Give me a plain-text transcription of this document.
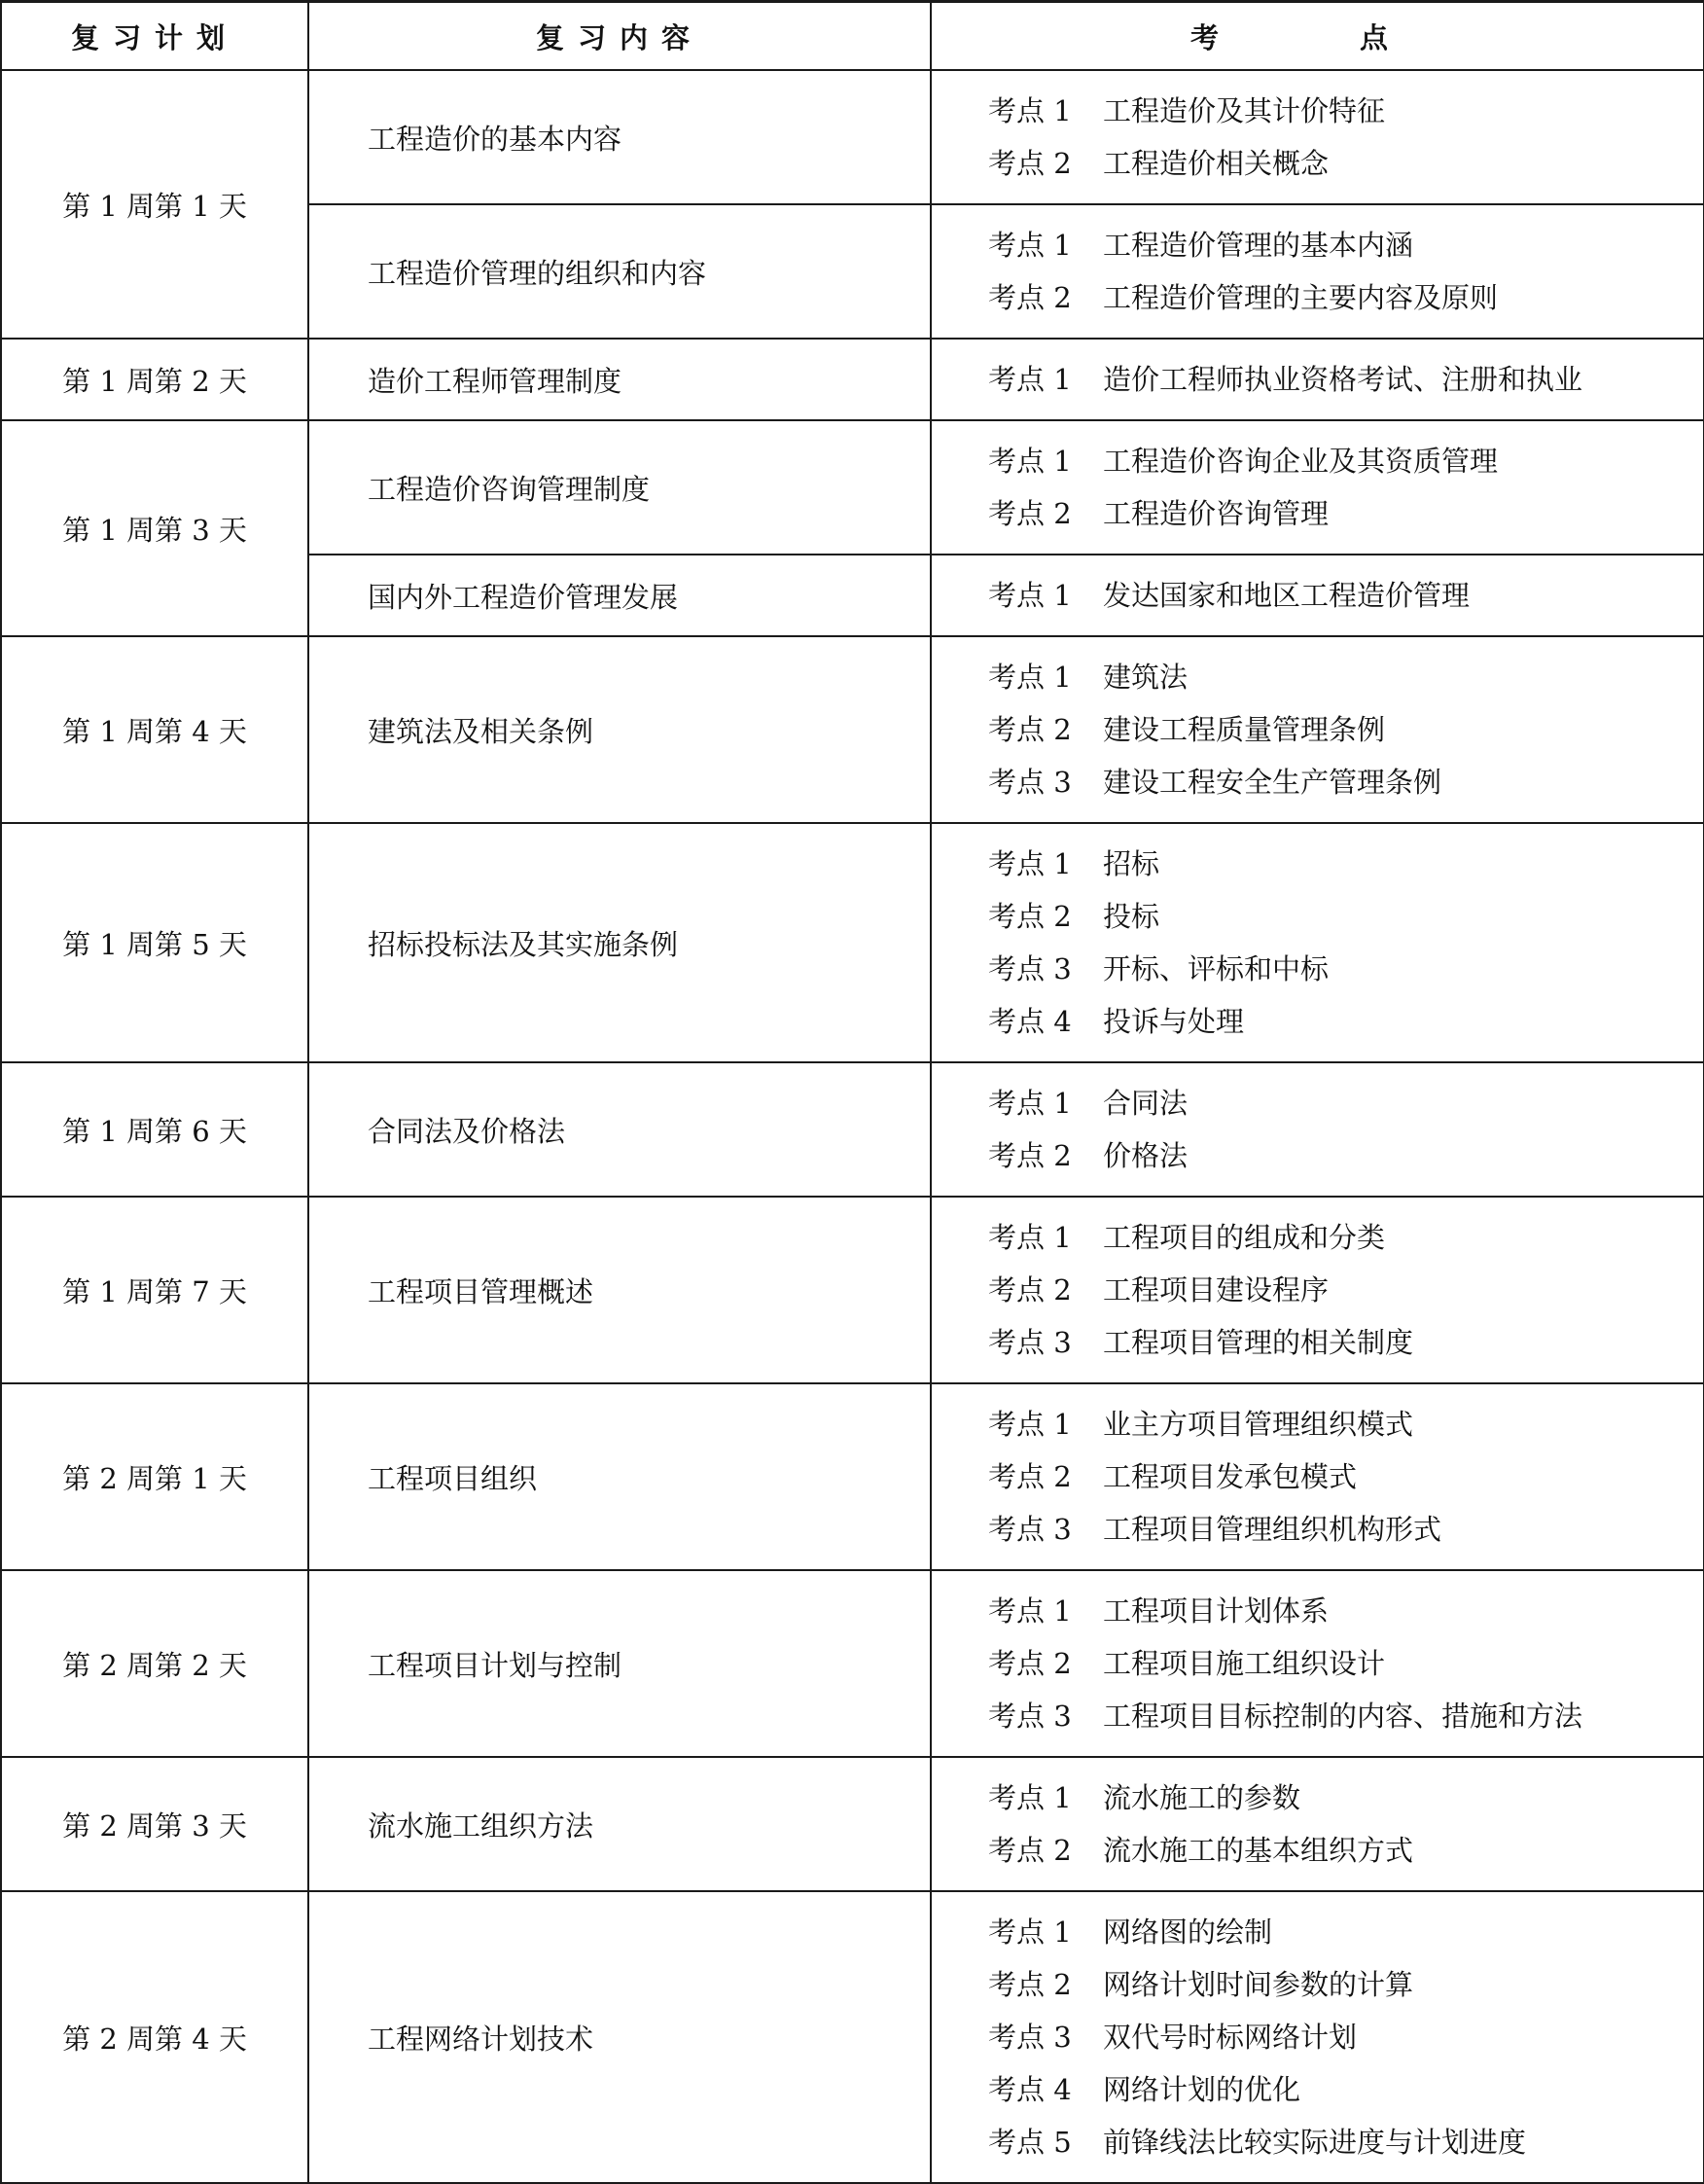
复习计划	复习内容	考　点
第 1 周第 1 天	工程造价的基本内容	考点 1 工程造价及其计价特征
考点 2 工程造价相关概念

	工程造价管理的组织和内容	考点 1 工程造价管理的基本内涵
考点 2 工程造价管理的主要内容及原则

第 1 周第 2 天	造价工程师管理制度	考点 1 造价工程师执业资格考试、注册和执业

第 1 周第 3 天	工程造价咨询管理制度	考点 1 工程造价咨询企业及其资质管理
考点 2 工程造价咨询管理

	国内外工程造价管理发展	考点 1 发达国家和地区工程造价管理

第 1 周第 4 天	建筑法及相关条例	考点 1 建筑法
考点 2 建设工程质量管理条例
考点 3 建设工程安全生产管理条例

第 1 周第 5 天	招标投标法及其实施条例	考点 1 招标
考点 2 投标
考点 3 开标、评标和中标
考点 4 投诉与处理

第 1 周第 6 天	合同法及价格法	考点 1 合同法
考点 2 价格法

第 1 周第 7 天	工程项目管理概述	考点 1 工程项目的组成和分类
考点 2 工程项目建设程序
考点 3 工程项目管理的相关制度

第 2 周第 1 天	工程项目组织	考点 1 业主方项目管理组织模式
考点 2 工程项目发承包模式
考点 3 工程项目管理组织机构形式

第 2 周第 2 天	工程项目计划与控制	考点 1 工程项目计划体系
考点 2 工程项目施工组织设计
考点 3 工程项目目标控制的内容、措施和方法

第 2 周第 3 天	流水施工组织方法	考点 1 流水施工的参数
考点 2 流水施工的基本组织方式

第 2 周第 4 天	工程网络计划技术	考点 1 网络图的绘制
考点 2 网络计划时间参数的计算
考点 3 双代号时标网络计划
考点 4 网络计划的优化
考点 5 前锋线法比较实际进度与计划进度
